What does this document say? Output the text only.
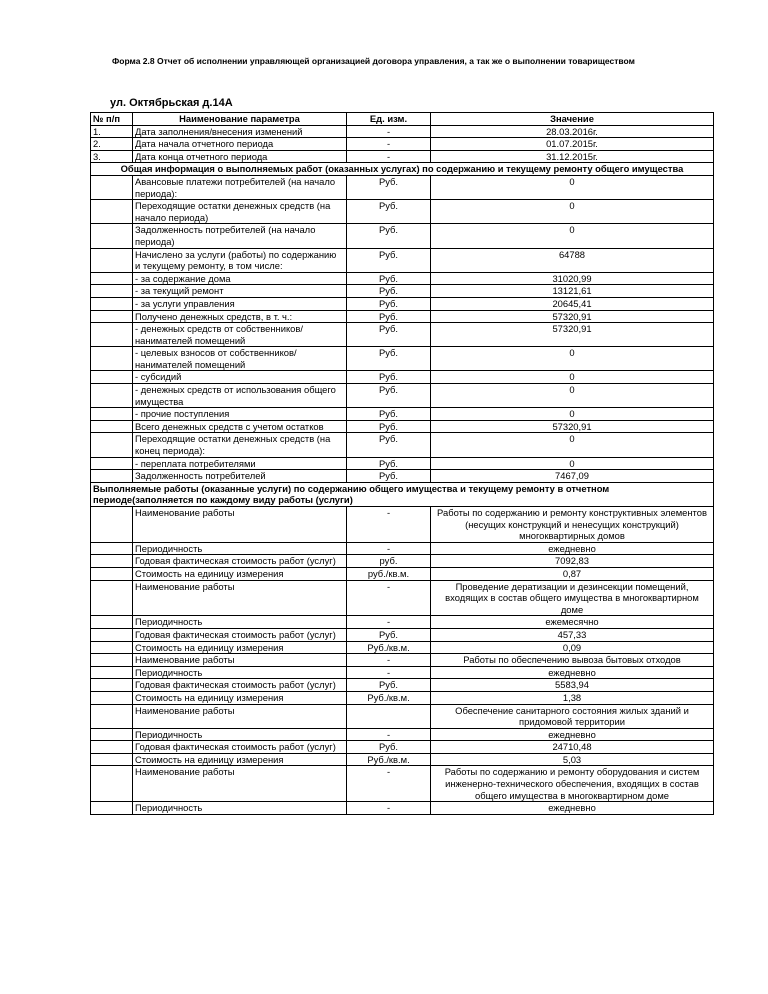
Форма 2.8 Отчет об исполнении управляющей организацией договора управления, а так же о выполнении товариществом
ул. Октябрьская д.14А
№ п/п	Наименование параметра	Ед. изм.	Значение
1.	Дата заполнения/внесения изменений	-	28.03.2016г.
2.	Дата начала отчетного периода	-	01.07.2015г.
3.	Дата конца отчетного периода	-	31.12.2015г.
Общая информация о выполняемых работ (оказанных услугах) по содержанию и текущему ремонту общего имущества			
	Авансовые платежи потребителей (на начало периода):	Руб.	0
	Переходящие остатки денежных средств (на начало периода)	Руб.	0
	Задолженность потребителей (на начало периода)	Руб.	0
	Начислено за услуги (работы) по содержанию и текущему ремонту, в том числе:	Руб.	64788
	- за содержание дома	Руб.	31020,99
	- за текущий ремонт	Руб.	13121,61
	- за услуги управления	Руб.	20645,41
	Получено денежных средств, в т. ч.:	Руб.	57320,91
	- денежных средств от собственников/нанимателей помещений	Руб.	57320,91
	- целевых взносов от собственников/ нанимателей помещений	Руб.	0
	- субсидий	Руб.	0
	- денежных средств от использования общего имущества	Руб.	0
	- прочие поступления	Руб.	0
	Всего денежных средств с учетом остатков	Руб.	57320,91
	Переходящие остатки денежных средств (на конец периода):	Руб.	0
	- переплата потребителями	Руб.	0
	Задолженность потребителей	Руб.	7467,09
Выполняемые работы (оказанные услуги) по содержанию общего имущества и текущему ремонту в отчетном периоде(заполняется по каждому виду работы (услуги)			
	Наименование работы	-	Работы по содержанию и ремонту конструктивных элементов (несущих конструкций и ненесущих конструкций) многоквартирных домов
	Периодичность	-	ежедневно
	Годовая фактическая стоимость работ (услуг)	руб.	7092,83
	Стоимость на единицу измерения	руб./кв.м.	0,87
	Наименование работы	-	Проведение дератизации и дезинсекции помещений, входящих в состав общего имущества в многоквартирном доме
	Периодичность	-	ежемесячно
	Годовая фактическая стоимость работ (услуг)	Руб.	457,33
	Стоимость на единицу измерения	Руб./кв.м.	0,09
	Наименование работы	-	Работы по обеспечению вывоза бытовых отходов
	Периодичность	-	ежедневно
	Годовая фактическая стоимость работ (услуг)	Руб.	5583,94
	Стоимость на единицу измерения	Руб./кв.м.	1,38
	Наименование работы		Обеспечение санитарного состояния жилых зданий и придомовой территории
	Периодичность	-	ежедневно
	Годовая фактическая стоимость работ (услуг)	Руб.	24710,48
	Стоимость на единицу измерения	Руб./кв.м.	5,03
	Наименование работы	-	Работы по содержанию и ремонту оборудования и систем инженерно-технического обеспечения, входящих в состав общего имущества в многоквартирном доме
	Периодичность	-	ежедневно
